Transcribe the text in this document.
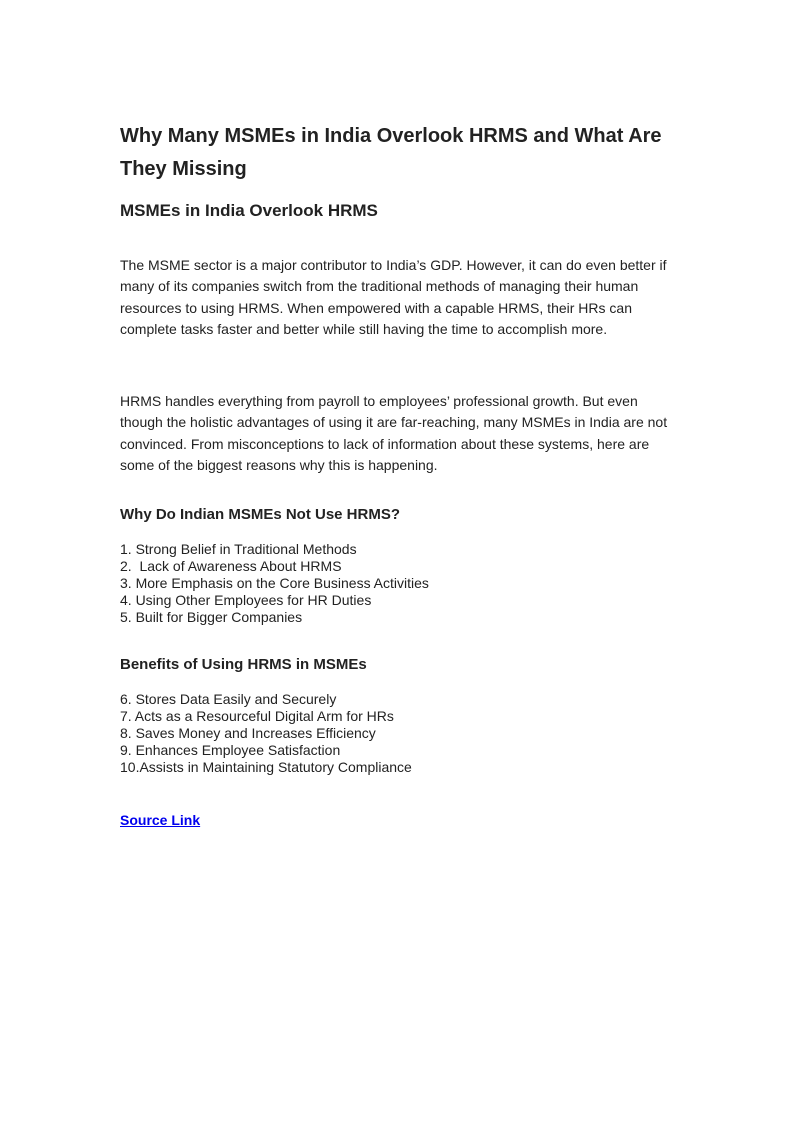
Why Many MSMEs in India Overlook HRMS and What Are They Missing
MSMEs in India Overlook HRMS

The MSME sector is a major contributor to India’s GDP. However, it can do even better if many of its companies switch from the traditional methods of managing their human resources to using HRMS. When empowered with a capable HRMS, their HRs can complete tasks faster and better while still having the time to accomplish more.

HRMS handles everything from payroll to employees’ professional growth. But even though the holistic advantages of using it are far-reaching, many MSMEs in India are not convinced. From misconceptions to lack of information about these systems, here are some of the biggest reasons why this is happening.

Why Do Indian MSMEs Not Use HRMS?
1. Strong Belief in Traditional Methods
2.  Lack of Awareness About HRMS
3. More Emphasis on the Core Business Activities
4. Using Other Employees for HR Duties
5. Built for Bigger Companies
Benefits of Using HRMS in MSMEs
6. Stores Data Easily and Securely
7. Acts as a Resourceful Digital Arm for HRs
8. Saves Money and Increases Efficiency
9. Enhances Employee Satisfaction
10.Assists in Maintaining Statutory Compliance
Source Link
